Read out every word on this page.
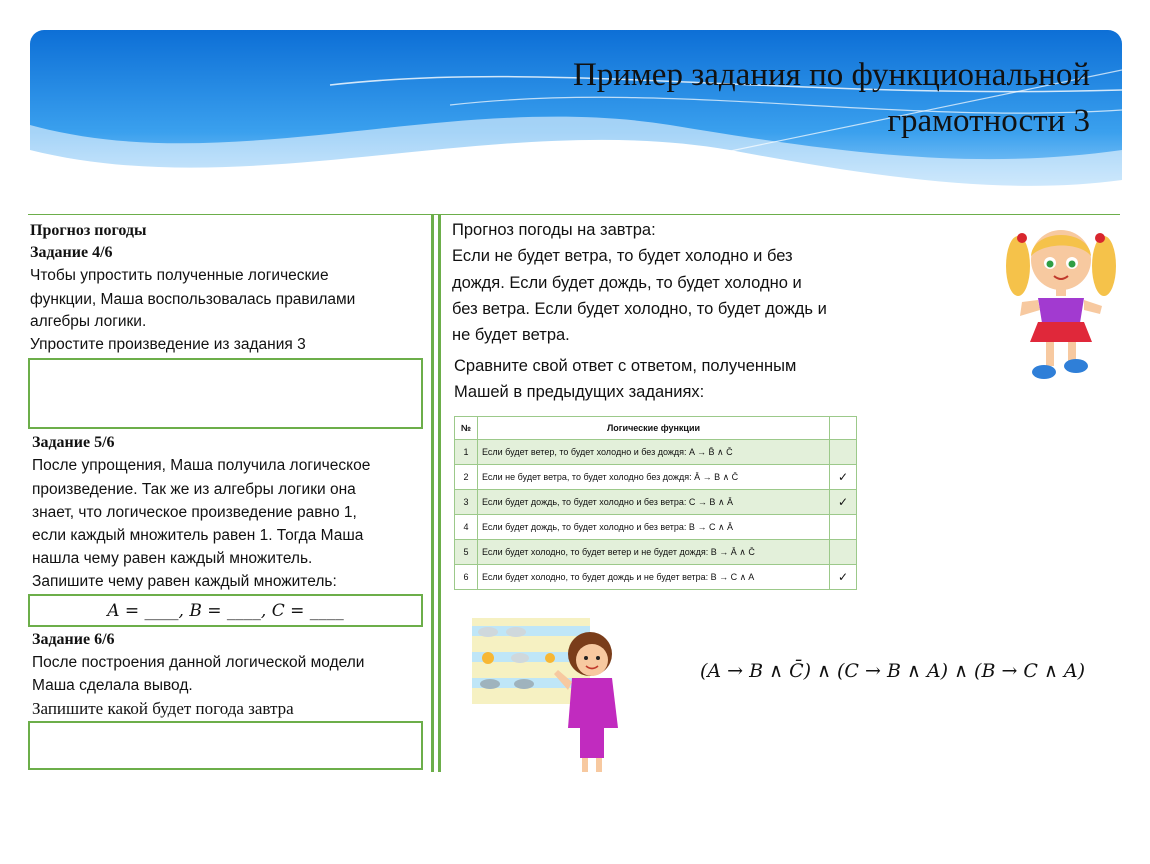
Пример задания по функциональной грамотности 3
Прогноз погоды
Задание 4/6
Чтобы упростить полученные логические
функции, Маша воспользовалась правилами
алгебры логики.
Упростите произведение из задания 3
Задание 5/6
После упрощения, Маша получила логическое
произведение. Так же из алгебры логики она
знает, что логическое произведение равно 1,
если каждый множитель равен 1. Тогда Маша
нашла чему равен каждый множитель.
Запишите чему равен каждый множитель:
A = ____, B = ____, C = ____
Задание 6/6
После построения данной логической модели
Маша сделала вывод.
Запишите какой будет погода завтра
Прогноз погоды на завтра:
Если не будет ветра, то будет холодно и без
дождя. Если будет дождь, то будет холодно и
без ветра. Если будет холодно, то будет дождь и
не будет ветра.
Сравните свой ответ с ответом, полученным
Машей в предыдущих заданиях:
№	Логические функции	
1	Если будет ветер, то будет холодно и без дождя: A → B̄ ∧ C̄	
2	Если не будет ветра, то будет холодно без дождя: Ā → B ∧ C̄	✓
3	Если будет дождь, то будет холодно и без ветра: C → B ∧ Ā	✓
4	Если будет дождь, то будет холодно и без ветра: B → C ∧ Ā	
5	Если будет холодно, то будет ветер и не будет дождя: B → Ā ∧ C̄	
6	Если будет холодно, то будет дождь и не будет ветра: B → C ∧ A	✓
(A → B ∧ C̄) ∧ (C → B ∧ A) ∧ (B → C ∧ A)
